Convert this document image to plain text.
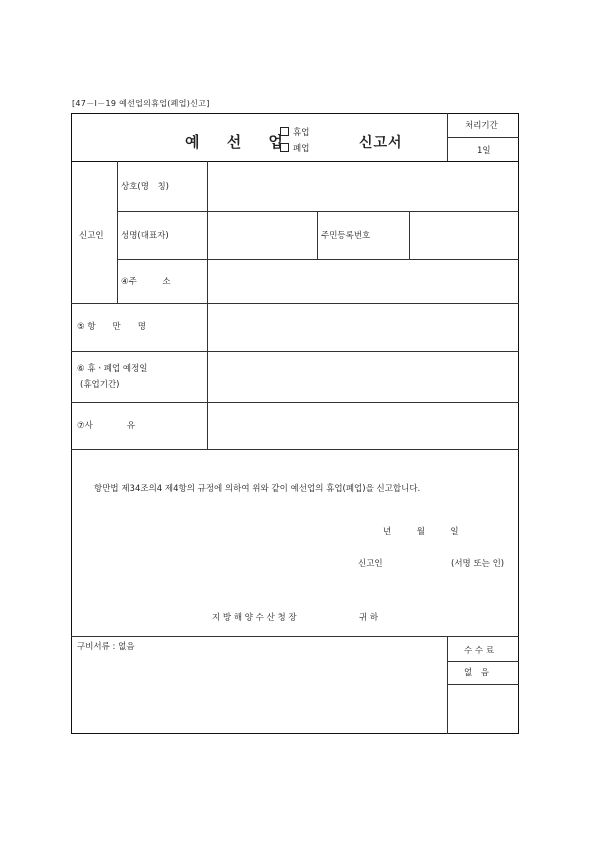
[47－Ⅰ－19 예선업의휴업(폐업)신고]
예 선 업 휴업
폐업	신고서
처리기간
1일
신고인
상호(명　칭)
성명(대표자)	주민등록번호
④주　　　소
⑤ 항　　만　　명
⑥ 휴ㆍ폐업 예정일
(휴업기간)
⑦사　　　　유
항만법 제34조의4 제4항의 규정에 의하여 위와 같이 예선업의 휴업(폐업)을 신고합니다.
년　　　월　　　일
신고인	(서명 또는 인)
지 방 해 양 수 산 청 장	귀 하
구비서류 : 없음	수 수 료
없　음
